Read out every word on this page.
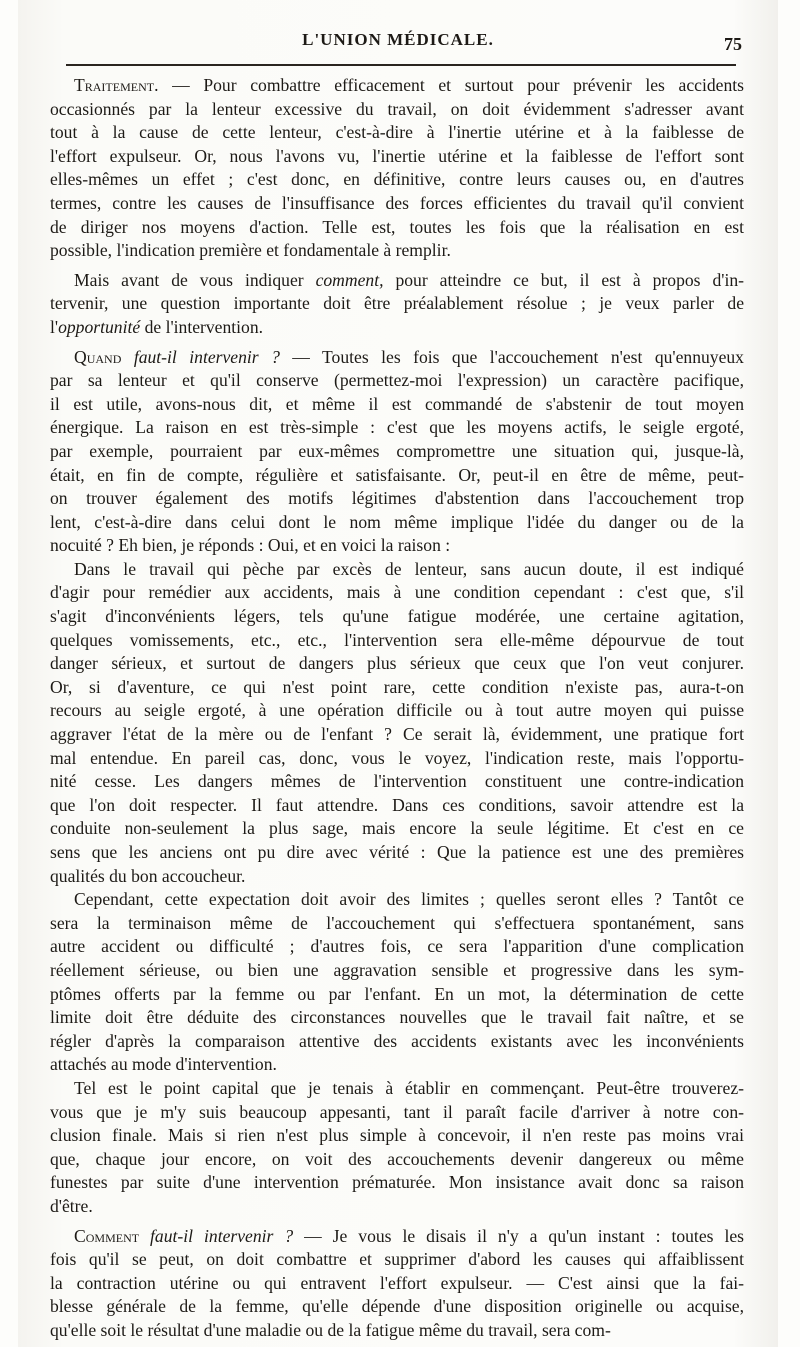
L'UNION MÉDICALE.	75
Traitement. — Pour combattre efficacement et surtout pour prévenir les accidents
occasionnés par la lenteur excessive du travail, on doit évidemment s'adresser avant
tout à la cause de cette lenteur, c'est-à-dire à l'inertie utérine et à la faiblesse de
l'effort expulseur. Or, nous l'avons vu, l'inertie utérine et la faiblesse de l'effort sont
elles-mêmes un effet ; c'est donc, en définitive, contre leurs causes ou, en d'autres
termes, contre les causes de l'insuffisance des forces efficientes du travail qu'il convient
de diriger nos moyens d'action. Telle est, toutes les fois que la réalisation en est
possible, l'indication première et fondamentale à remplir.
Mais avant de vous indiquer comment, pour atteindre ce but, il est à propos d'in-
tervenir, une question importante doit être préalablement résolue ; je veux parler de
l'opportunité de l'intervention.
Quand faut-il intervenir ? — Toutes les fois que l'accouchement n'est qu'ennuyeux
par sa lenteur et qu'il conserve (permettez-moi l'expression) un caractère pacifique,
il est utile, avons-nous dit, et même il est commandé de s'abstenir de tout moyen
énergique. La raison en est très-simple : c'est que les moyens actifs, le seigle ergoté,
par exemple, pourraient par eux-mêmes compromettre une situation qui, jusque-là,
était, en fin de compte, régulière et satisfaisante. Or, peut-il en être de même, peut-
on trouver également des motifs légitimes d'abstention dans l'accouchement trop
lent, c'est-à-dire dans celui dont le nom même implique l'idée du danger ou de la
nocuité ? Eh bien, je réponds : Oui, et en voici la raison :
Dans le travail qui pèche par excès de lenteur, sans aucun doute, il est indiqué
d'agir pour remédier aux accidents, mais à une condition cependant : c'est que, s'il
s'agit d'inconvénients légers, tels qu'une fatigue modérée, une certaine agitation,
quelques vomissements, etc., etc., l'intervention sera elle-même dépourvue de tout
danger sérieux, et surtout de dangers plus sérieux que ceux que l'on veut conjurer.
Or, si d'aventure, ce qui n'est point rare, cette condition n'existe pas, aura-t-on
recours au seigle ergoté, à une opération difficile ou à tout autre moyen qui puisse
aggraver l'état de la mère ou de l'enfant ? Ce serait là, évidemment, une pratique fort
mal entendue. En pareil cas, donc, vous le voyez, l'indication reste, mais l'opportu-
nité cesse. Les dangers mêmes de l'intervention constituent une contre-indication
que l'on doit respecter. Il faut attendre. Dans ces conditions, savoir attendre est la
conduite non-seulement la plus sage, mais encore la seule légitime. Et c'est en ce
sens que les anciens ont pu dire avec vérité : Que la patience est une des premières
qualités du bon accoucheur.
Cependant, cette expectation doit avoir des limites ; quelles seront elles ? Tantôt ce
sera la terminaison même de l'accouchement qui s'effectuera spontanément, sans
autre accident ou difficulté ; d'autres fois, ce sera l'apparition d'une complication
réellement sérieuse, ou bien une aggravation sensible et progressive dans les sym-
ptômes offerts par la femme ou par l'enfant. En un mot, la détermination de cette
limite doit être déduite des circonstances nouvelles que le travail fait naître, et se
régler d'après la comparaison attentive des accidents existants avec les inconvénients
attachés au mode d'intervention.
Tel est le point capital que je tenais à établir en commençant. Peut-être trouverez-
vous que je m'y suis beaucoup appesanti, tant il paraît facile d'arriver à notre con-
clusion finale. Mais si rien n'est plus simple à concevoir, il n'en reste pas moins vrai
que, chaque jour encore, on voit des accouchements devenir dangereux ou même
funestes par suite d'une intervention prématurée. Mon insistance avait donc sa raison
d'être.
Comment faut-il intervenir ? — Je vous le disais il n'y a qu'un instant : toutes les
fois qu'il se peut, on doit combattre et supprimer d'abord les causes qui affaiblissent
la contraction utérine ou qui entravent l'effort expulseur. — C'est ainsi que la fai-
blesse générale de la femme, qu'elle dépende d'une disposition originelle ou acquise,
qu'elle soit le résultat d'une maladie ou de la fatigue même du travail, sera com-
